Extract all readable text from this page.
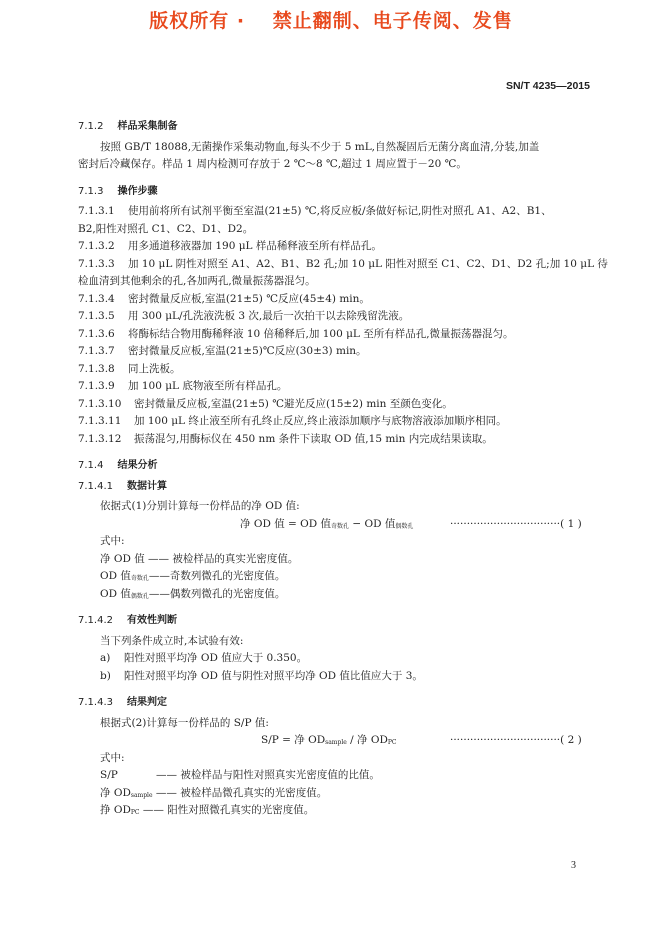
版权所有 ·　 禁止翻制、电子传阅、发售
SN/T 4235—2015
7.1.2 样品采集制备
按照 GB/T 18088,无菌操作采集动物血,每头不少于 5 mL,自然凝固后无菌分离血清,分装,加盖
密封后冷藏保存。样品 1 周内检测可存放于 2 ℃～8 ℃,超过 1 周应置于－20 ℃。
7.1.3 操作步骤
7.1.3.1 使用前将所有试剂平衡至室温(21±5) ℃,将反应板/条做好标记,阴性对照孔 A1、A2、B1、
B2,阳性对照孔 C1、C2、D1、D2。
7.1.3.2 用多通道移液器加 190 μL 样品稀释液至所有样品孔。
7.1.3.3 加 10 μL 阴性对照至 A1、A2、B1、B2 孔;加 10 μL 阳性对照至 C1、C2、D1、D2 孔;加 10 μL 待
检血清到其他剩余的孔,各加两孔,微量振荡器混匀。
7.1.3.4 密封微量反应板,室温(21±5) ℃反应(45±4) min。
7.1.3.5 用 300 μL/孔洗液洗板 3 次,最后一次拍干以去除残留洗液。
7.1.3.6 将酶标结合物用酶稀释液 10 倍稀释后,加 100 μL 至所有样品孔,微量振荡器混匀。
7.1.3.7 密封微量反应板,室温(21±5)℃反应(30±3) min。
7.1.3.8 同上洗板。
7.1.3.9 加 100 μL 底物液至所有样品孔。
7.1.3.10 密封微量反应板,室温(21±5) ℃避光反应(15±2) min 至颜色变化。
7.1.3.11 加 100 μL 终止液至所有孔终止反应,终止液添加顺序与底物溶液添加顺序相同。
7.1.3.12 振荡混匀,用酶标仪在 450 nm 条件下读取 OD 值,15 min 内完成结果读取。
7.1.4 结果分析
7.1.4.1 数据计算
依据式(1)分别计算每一份样品的净 OD 值:
净 OD 值 = OD 值$_{奇数孔}$ − OD 值$_{偶数孔}$	·································( 1 )
式中:
净 OD 值 —— 被检样品的真实光密度值。
OD 值$_{奇数孔}$——奇数列微孔的光密度值。
OD 值$_{偶数孔}$——偶数列微孔的光密度值。
7.1.4.2 有效性判断
当下列条件成立时,本试验有效:
a) 阳性对照平均净 OD 值应大于 0.350。
b) 阳性对照平均净 OD 值与阴性对照平均净 OD 值比值应大于 3。
7.1.4.3 结果判定
根据式(2)计算每一份样品的 S/P 值:
S/P = 净 $OD_{sample}$ / 净 $OD_{PC}$	·································( 2 )
式中:
S/P	—— 被检样品与阳性对照真实光密度值的比值。
净 $OD_{sample}$ —— 被检样品微孔真实的光密度值。
挣 $OD_{PC}$ —— 阳性对照微孔真实的光密度值。
3
